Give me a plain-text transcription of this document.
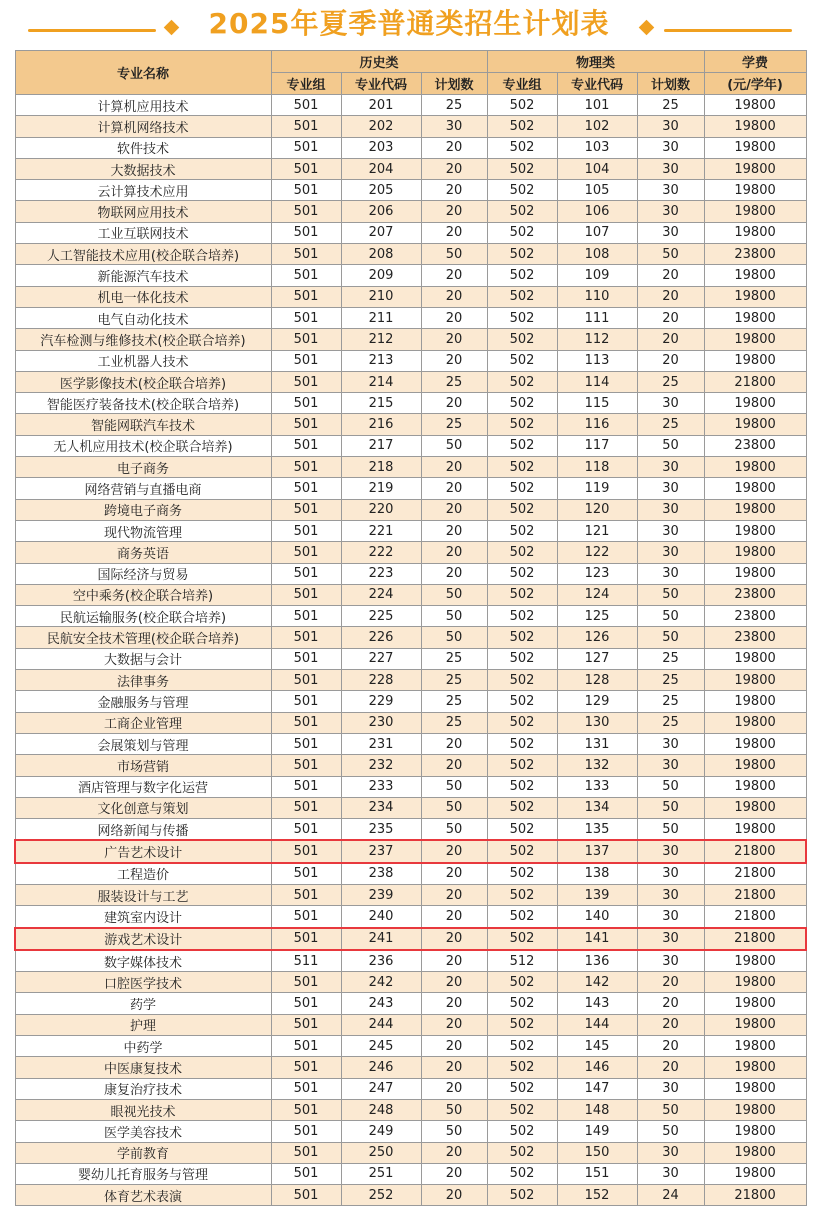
2025年夏季普通类招生计划表
专业名称	历史类			物理类			学费
	专业组	专业代码	计划数	专业组	专业代码	计划数	(元/学年)
计算机应用技术	501	201	25	502	101	25	19800
计算机网络技术	501	202	30	502	102	30	19800
软件技术	501	203	20	502	103	30	19800
大数据技术	501	204	20	502	104	30	19800
云计算技术应用	501	205	20	502	105	30	19800
物联网应用技术	501	206	20	502	106	30	19800
工业互联网技术	501	207	20	502	107	30	19800
人工智能技术应用(校企联合培养)	501	208	50	502	108	50	23800
新能源汽车技术	501	209	20	502	109	20	19800
机电一体化技术	501	210	20	502	110	20	19800
电气自动化技术	501	211	20	502	111	20	19800
汽车检测与维修技术(校企联合培养)	501	212	20	502	112	20	19800
工业机器人技术	501	213	20	502	113	20	19800
医学影像技术(校企联合培养)	501	214	25	502	114	25	21800
智能医疗装备技术(校企联合培养)	501	215	20	502	115	30	19800
智能网联汽车技术	501	216	25	502	116	25	19800
无人机应用技术(校企联合培养)	501	217	50	502	117	50	23800
电子商务	501	218	20	502	118	30	19800
网络营销与直播电商	501	219	20	502	119	30	19800
跨境电子商务	501	220	20	502	120	30	19800
现代物流管理	501	221	20	502	121	30	19800
商务英语	501	222	20	502	122	30	19800
国际经济与贸易	501	223	20	502	123	30	19800
空中乘务(校企联合培养)	501	224	50	502	124	50	23800
民航运输服务(校企联合培养)	501	225	50	502	125	50	23800
民航安全技术管理(校企联合培养)	501	226	50	502	126	50	23800
大数据与会计	501	227	25	502	127	25	19800
法律事务	501	228	25	502	128	25	19800
金融服务与管理	501	229	25	502	129	25	19800
工商企业管理	501	230	25	502	130	25	19800
会展策划与管理	501	231	20	502	131	30	19800
市场营销	501	232	20	502	132	30	19800
酒店管理与数字化运营	501	233	50	502	133	50	19800
文化创意与策划	501	234	50	502	134	50	19800
网络新闻与传播	501	235	50	502	135	50	19800
广告艺术设计	501	237	20	502	137	30	21800
工程造价	501	238	20	502	138	30	21800
服装设计与工艺	501	239	20	502	139	30	21800
建筑室内设计	501	240	20	502	140	30	21800
游戏艺术设计	501	241	20	502	141	30	21800
数字媒体技术	511	236	20	512	136	30	19800
口腔医学技术	501	242	20	502	142	20	19800
药学	501	243	20	502	143	20	19800
护理	501	244	20	502	144	20	19800
中药学	501	245	20	502	145	20	19800
中医康复技术	501	246	20	502	146	20	19800
康复治疗技术	501	247	20	502	147	30	19800
眼视光技术	501	248	50	502	148	50	19800
医学美容技术	501	249	50	502	149	50	19800
学前教育	501	250	20	502	150	30	19800
婴幼儿托育服务与管理	501	251	20	502	151	30	19800
体育艺术表演	501	252	20	502	152	24	21800
